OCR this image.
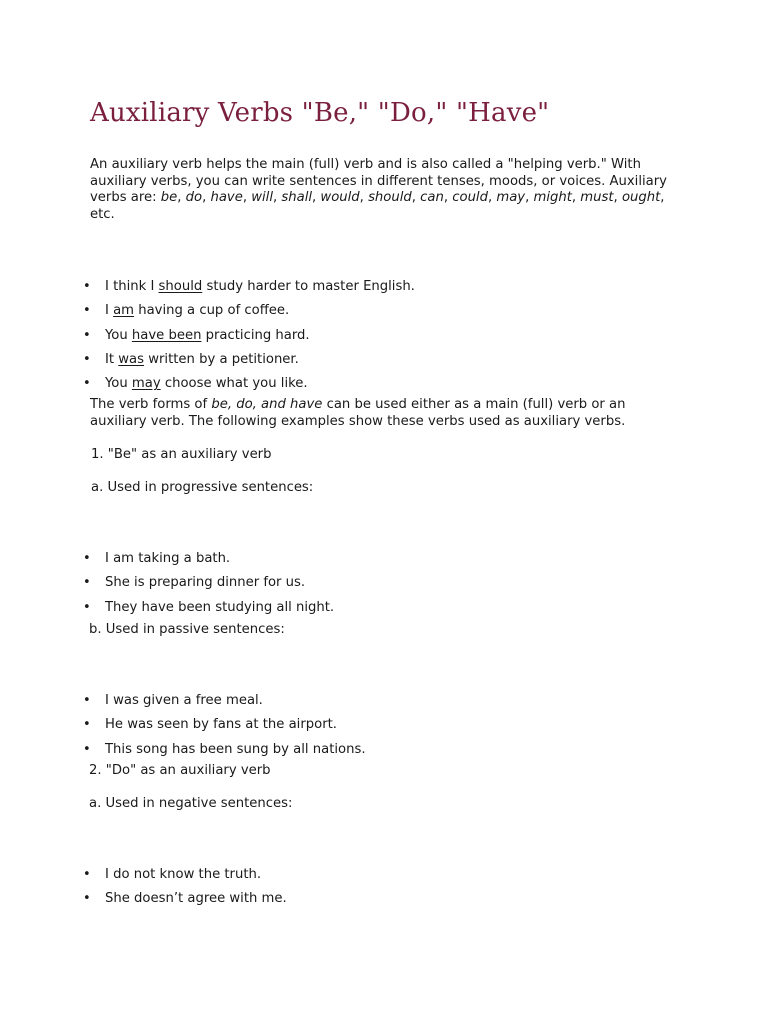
Auxiliary Verbs "Be," "Do," "Have"

An auxiliary verb helps the main (full) verb and is also called a "helping verb." With auxiliary verbs, you can write sentences in different tenses, moods, or voices. Auxiliary verbs are: be, do, have, will, shall, would, should, can, could, may, might, must, ought, etc.

• I think I should study harder to master English.
• I am having a cup of coffee.
• You have been practicing hard.
• It was written by a petitioner.
• You may choose what you like.

The verb forms of be, do, and have can be used either as a main (full) verb or an auxiliary verb. The following examples show these verbs used as auxiliary verbs.

1. "Be" as an auxiliary verb

a. Used in progressive sentences:

• I am taking a bath.
• She is preparing dinner for us.
• They have been studying all night.

b. Used in passive sentences:

• I was given a free meal.
• He was seen by fans at the airport.
• This song has been sung by all nations.

2. "Do" as an auxiliary verb

a. Used in negative sentences:

• I do not know the truth.
• She doesn’t agree with me.
